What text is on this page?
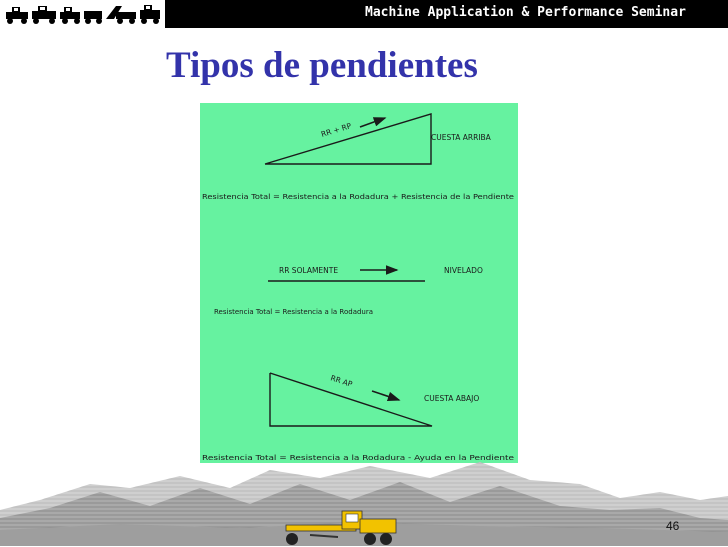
Machine Application & Performance Seminar
Tipos de pendientes
RR + RP	CUESTA ARRIBA
Resistencia Total = Resistencia a la Rodadura + Resistencia de la Pendiente
RR SOLAMENTE	NIVELADO
Resistencia Total = Resistencia a la Rodadura
RR AP
CUESTA ABAJO
Resistencia Total = Resistencia a la Rodadura - Ayuda en la Pendiente
46
